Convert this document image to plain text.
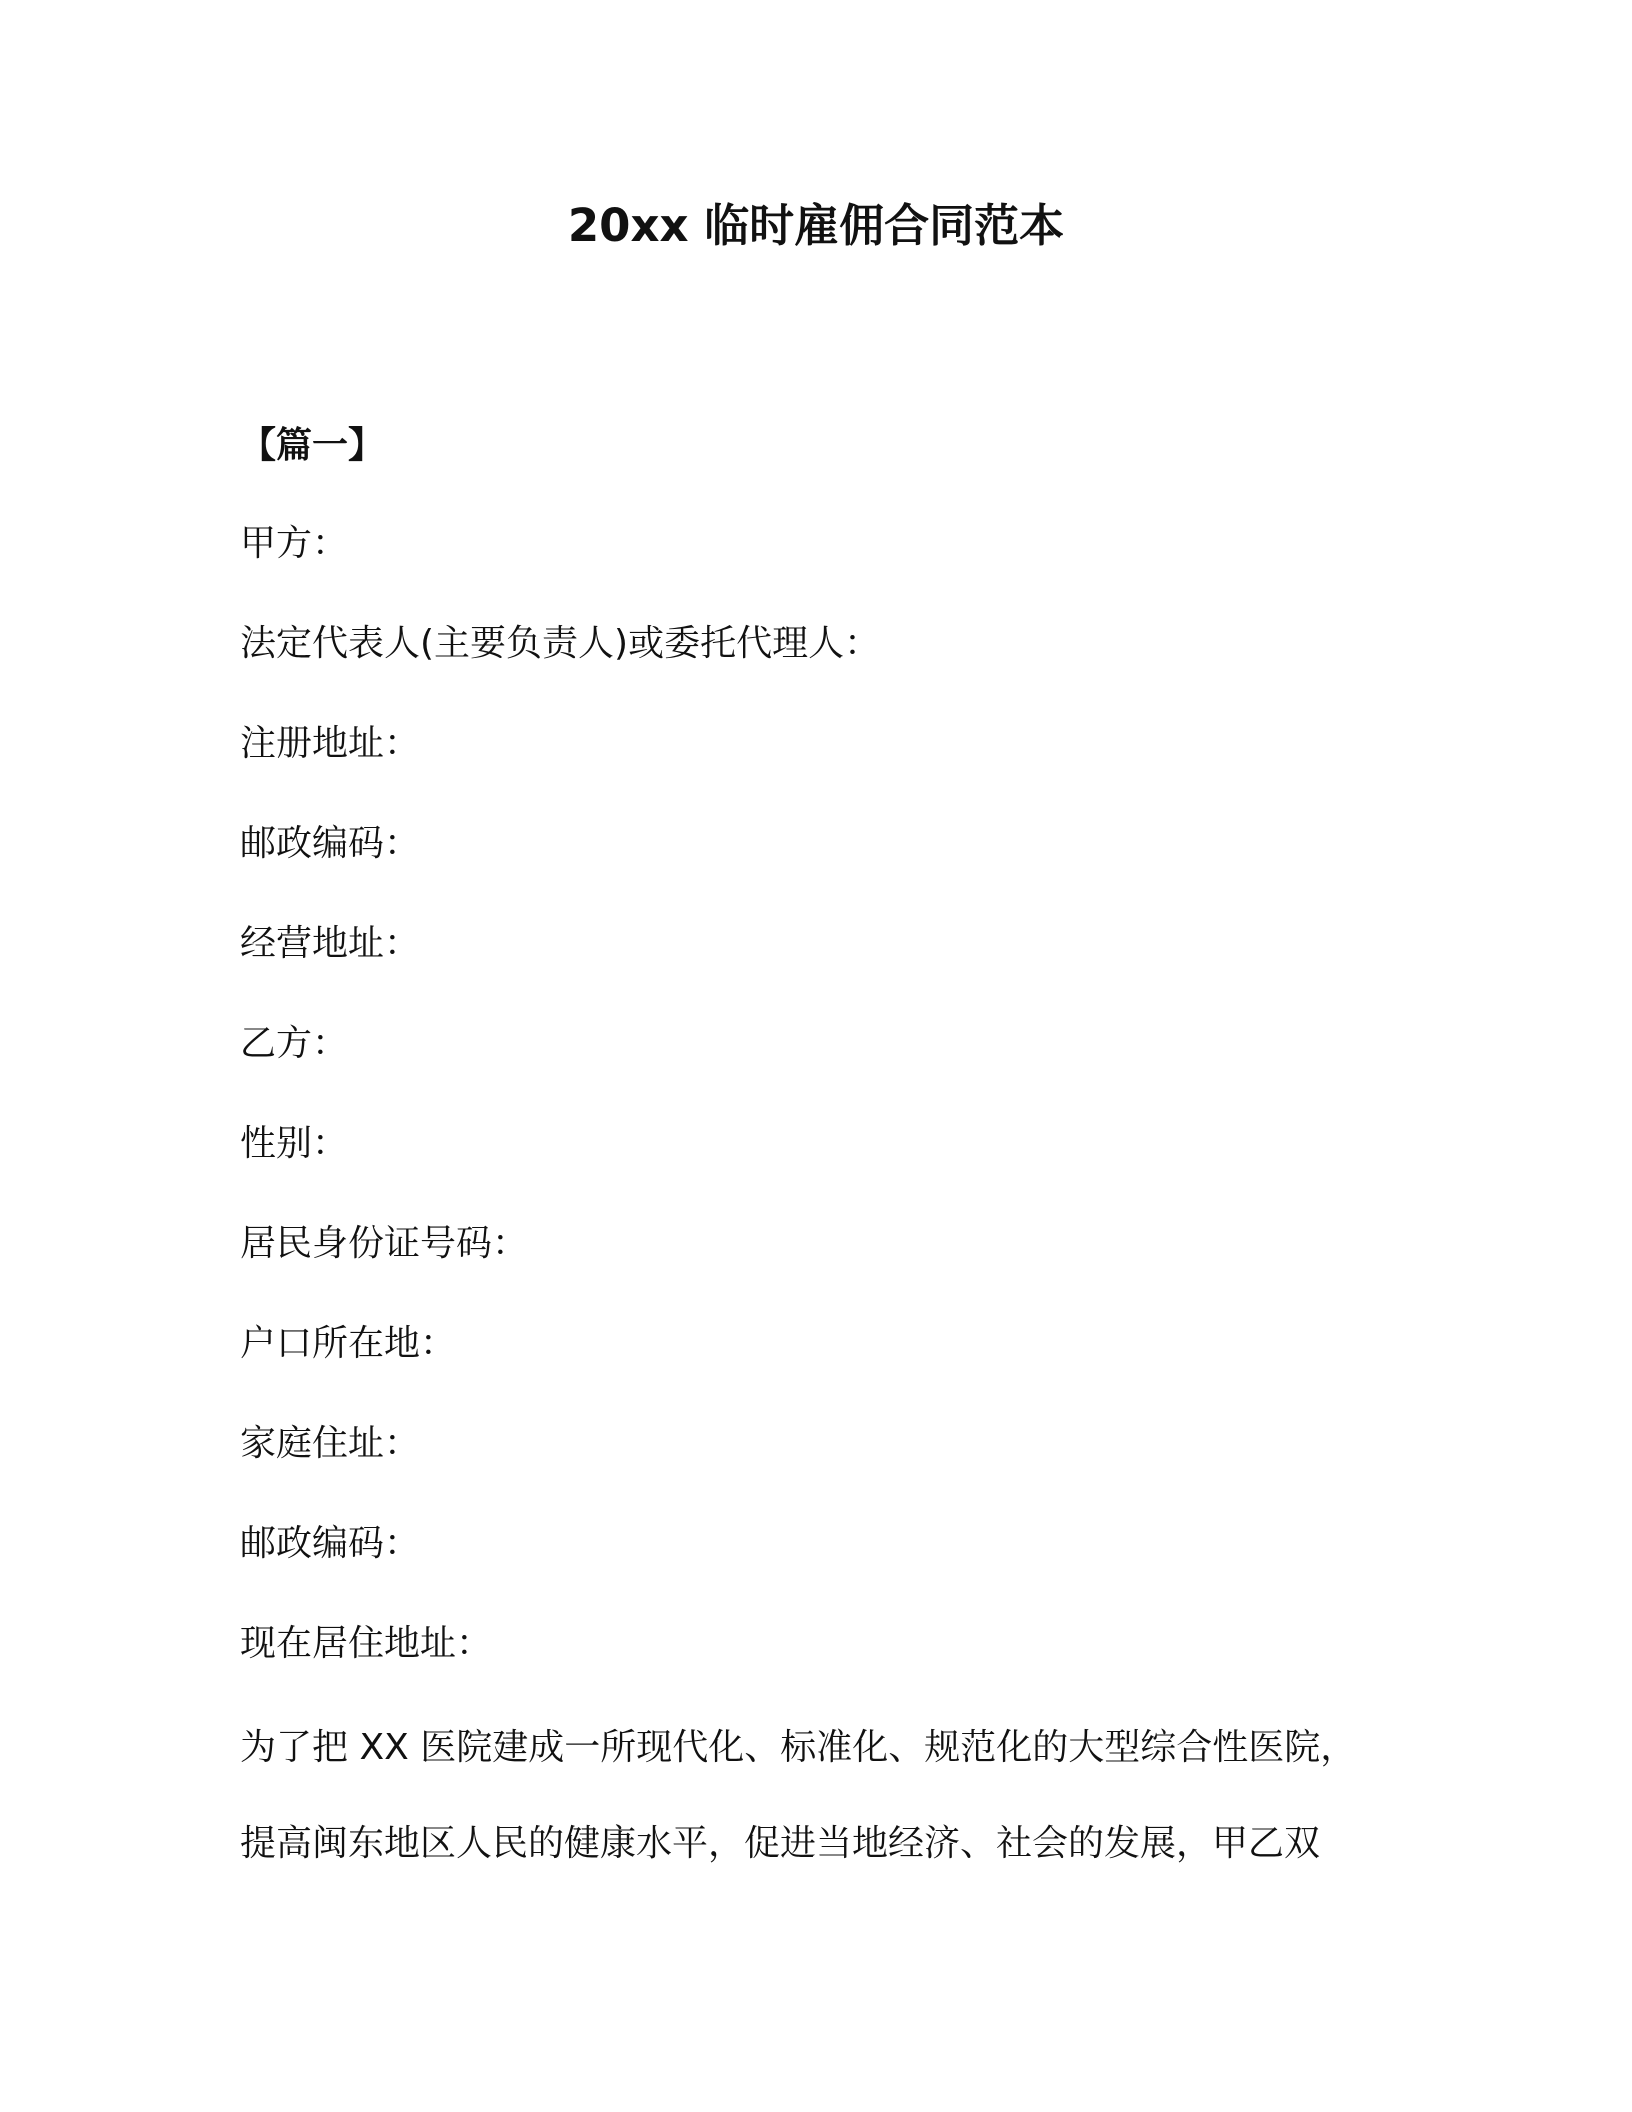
20xx 临时雇佣合同范本
【篇一】
甲方：
法定代表人(主要负责人)或委托代理人：
注册地址：
邮政编码：
经营地址：
乙方：
性别：
居民身份证号码：
户口所在地：
家庭住址：
邮政编码：
现在居住地址：
为了把 XX 医院建成一所现代化、标准化、规范化的大型综合性医院，
提高闽东地区人民的健康水平，促进当地经济、社会的发展，甲乙双
